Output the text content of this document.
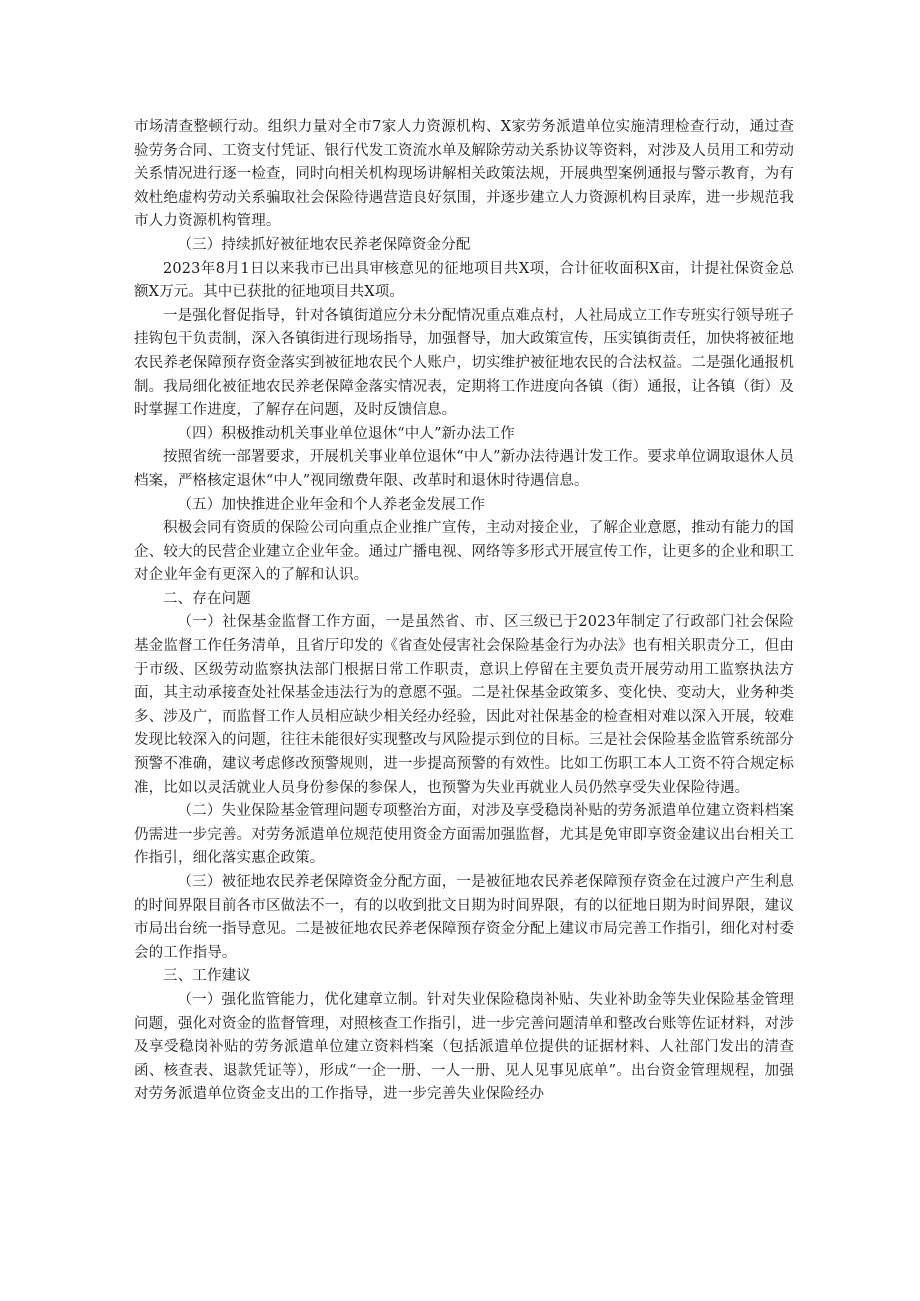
市场清查整顿行动。组织力量对全市7家人力资源机构、X家劳务派遣单位实施清理检查行动，通过查验劳务合同、工资支付凭证、银行代发工资流水单及解除劳动关系协议等资料，对涉及人员用工和劳动关系情况进行逐一检查，同时向相关机构现场讲解相关政策法规，开展典型案例通报与警示教育，为有效杜绝虚构劳动关系骗取社会保险待遇营造良好氛围，并逐步建立人力资源机构目录库，进一步规范我市人力资源机构管理。

（三）持续抓好被征地农民养老保障资金分配

2023年8月1日以来我市已出具审核意见的征地项目共X项，合计征收面积X亩，计提社保资金总额X万元。其中已获批的征地项目共X项。

一是强化督促指导，针对各镇街道应分未分配情况重点难点村，人社局成立工作专班实行领导班子挂钩包干负责制，深入各镇街进行现场指导，加强督导，加大政策宣传，压实镇街责任，加快将被征地农民养老保障预存资金落实到被征地农民个人账户，切实维护被征地农民的合法权益。二是强化通报机制。我局细化被征地农民养老保障金落实情况表，定期将工作进度向各镇（街）通报，让各镇（街）及时掌握工作进度，了解存在问题，及时反馈信息。

（四）积极推动机关事业单位退休“中人”新办法工作

按照省统一部署要求，开展机关事业单位退休“中人”新办法待遇计发工作。要求单位调取退休人员档案，严格核定退休“中人”视同缴费年限、改革时和退休时待遇信息。

（五）加快推进企业年金和个人养老金发展工作

积极会同有资质的保险公司向重点企业推广宣传，主动对接企业，了解企业意愿，推动有能力的国企、较大的民营企业建立企业年金。通过广播电视、网络等多形式开展宣传工作，让更多的企业和职工对企业年金有更深入的了解和认识。

二、存在问题

（一）社保基金监督工作方面，一是虽然省、市、区三级已于2023年制定了行政部门社会保险基金监督工作任务清单，且省厅印发的《省查处侵害社会保险基金行为办法》也有相关职责分工，但由于市级、区级劳动监察执法部门根据日常工作职责，意识上停留在主要负责开展劳动用工监察执法方面，其主动承接查处社保基金违法行为的意愿不强。二是社保基金政策多、变化快、变动大，业务种类多、涉及广，而监督工作人员相应缺少相关经办经验，因此对社保基金的检查相对难以深入开展，较难发现比较深入的问题，往往未能很好实现整改与风险提示到位的目标。三是社会保险基金监管系统部分预警不准确，建议考虑修改预警规则，进一步提高预警的有效性。比如工伤职工本人工资不符合规定标准，比如以灵活就业人员身份参保的参保人，也预警为失业再就业人员仍然享受失业保险待遇。

（二）失业保险基金管理问题专项整治方面，对涉及享受稳岗补贴的劳务派遣单位建立资料档案仍需进一步完善。对劳务派遣单位规范使用资金方面需加强监督，尤其是免审即享资金建议出台相关工作指引，细化落实惠企政策。

（三）被征地农民养老保障资金分配方面，一是被征地农民养老保障预存资金在过渡户产生利息的时间界限目前各市区做法不一，有的以收到批文日期为时间界限，有的以征地日期为时间界限，建议市局出台统一指导意见。二是被征地农民养老保障预存资金分配上建议市局完善工作指引，细化对村委会的工作指导。

三、工作建议

（一）强化监管能力，优化建章立制。针对失业保险稳岗补贴、失业补助金等失业保险基金管理问题，强化对资金的监督管理，对照核查工作指引，进一步完善问题清单和整改台账等佐证材料，对涉及享受稳岗补贴的劳务派遣单位建立资料档案（包括派遣单位提供的证据材料、人社部门发出的清查函、核查表、退款凭证等），形成“一企一册、一人一册、见人见事见底单”。出台资金管理规程，加强对劳务派遣单位资金支出的工作指导，进一步完善失业保险经办
